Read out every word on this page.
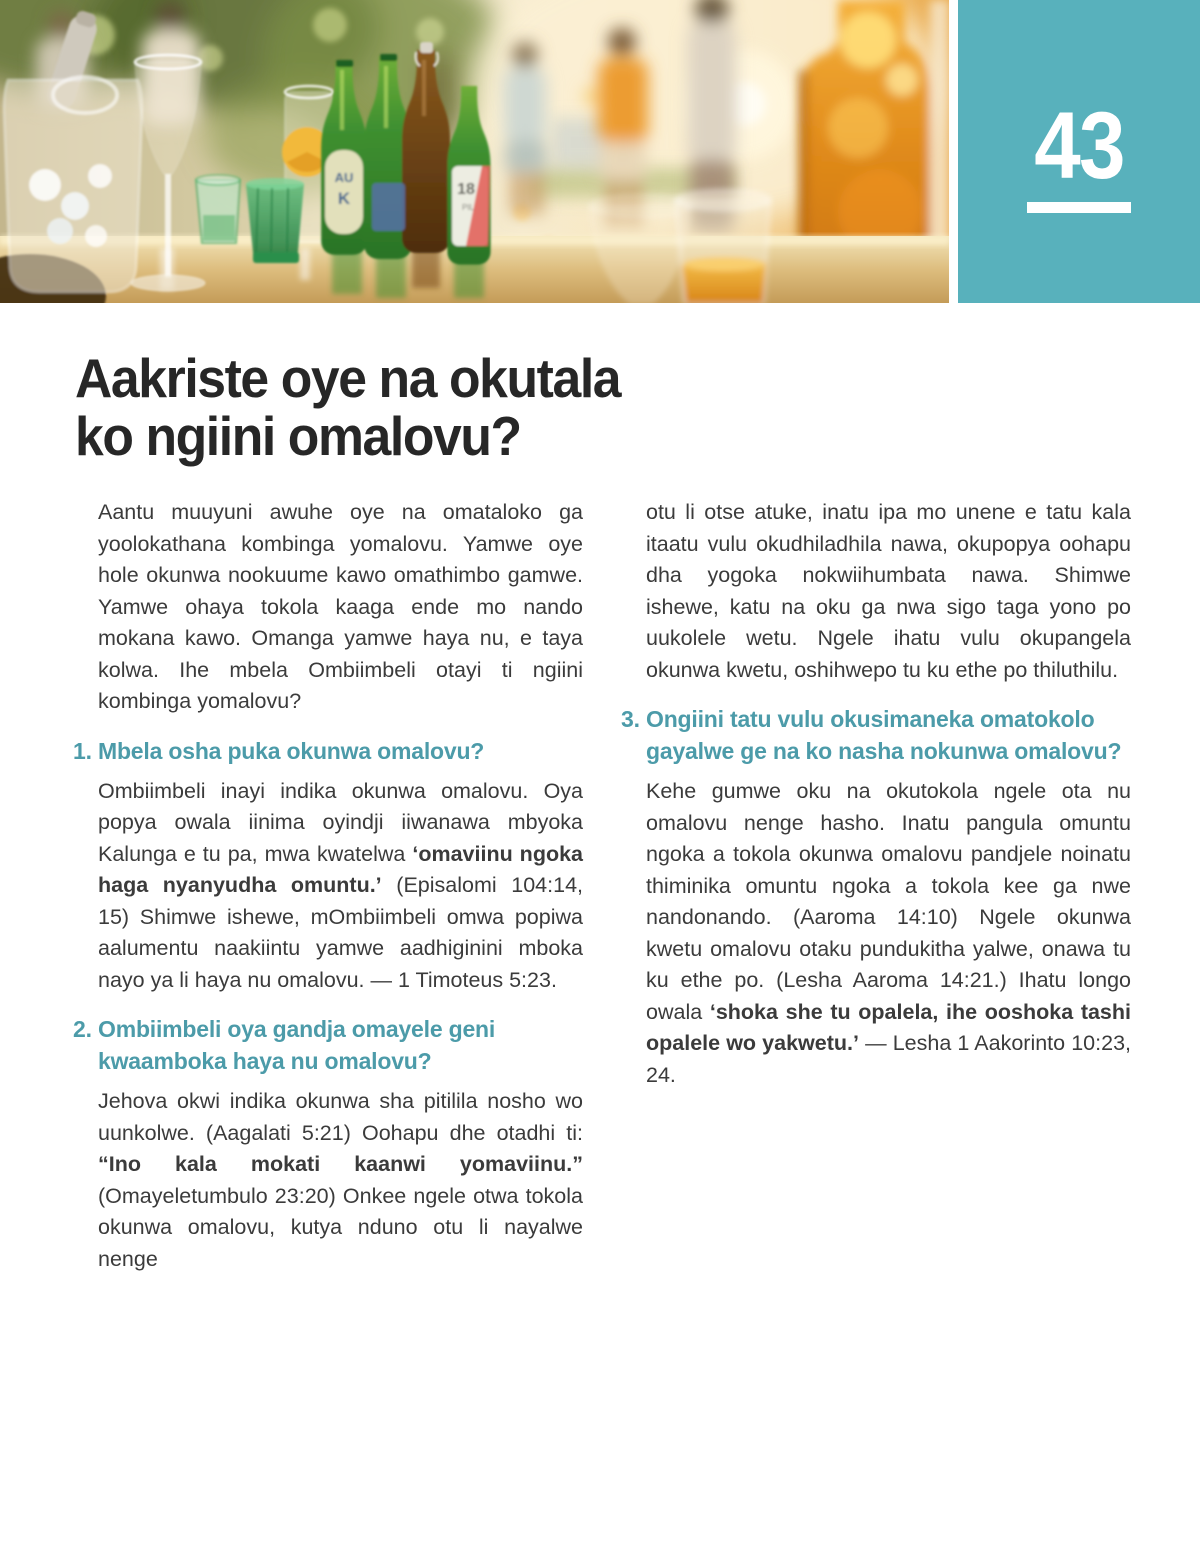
AU
K	18
PIL
43
Aakriste oye na okutala
ko ngiini omalovu?

Aantu muuyuni awuhe oye na omataloko ga yoolokathana kombinga yomalovu. Yamwe oye hole okunwa nookuume kawo omathimbo gamwe. Yamwe ohaya tokola kaaga ende mo nando mokana kawo. Omanga yamwe haya nu, e taya kolwa. Ihe mbela Ombiimbeli otayi ti ngiini kombinga yomalovu?

1. Mbela osha puka okunwa omalovu?

Ombiimbeli inayi indika okunwa omalovu. Oya popya owala iinima oyindji iiwanawa mbyoka Kalunga e tu pa, mwa kwatelwa ‘omaviinu ngoka haga nyanyudha omuntu.’ (Episalomi 104:14, 15) Shimwe ishewe, mOmbiimbeli omwa popiwa aalumentu naakiintu yamwe aadhiginini mboka nayo ya li haya nu omalovu. — 1 Timoteus 5:23.

2. Ombiimbeli oya gandja omayele geni kwaamboka haya nu omalovu?

Jehova okwi indika okunwa sha pitilila nosho wo uunkolwe. (Aagalati 5:21) Oohapu dhe otadhi ti: “Ino kala mokati kaanwi yomaviinu.” (Omayeletumbulo 23:20) Onkee ngele otwa tokola okunwa omalovu, kutya nduno otu li nayalwe nenge

otu li otse atuke, inatu ipa mo unene e tatu kala itaatu vulu okudhiladhila nawa, okupopya oohapu dha yogoka nokwiihumbata nawa. Shimwe ishewe, katu na oku ga nwa sigo taga yono po uukolele wetu. Ngele ihatu vulu okupangela okunwa kwetu, oshihwepo tu ku ethe po thiluthilu.

3. Ongiini tatu vulu okusimaneka omatokolo gayalwe ge na ko nasha nokunwa omalovu?

Kehe gumwe oku na okutokola ngele ota nu omalovu nenge hasho. Inatu pangula omuntu ngoka a tokola okunwa omalovu pandjele noinatu thiminika omuntu ngoka a tokola kee ga nwe nandonando. (Aaroma 14:10) Ngele okunwa kwetu omalovu otaku pundukitha yalwe, onawa tu ku ethe po. (Lesha Aaroma 14:21.) Ihatu longo owala ‘shoka she tu opalela, ihe ooshoka tashi opalele wo yakwetu.’ — Lesha 1 Aakorinto 10:23, 24.
